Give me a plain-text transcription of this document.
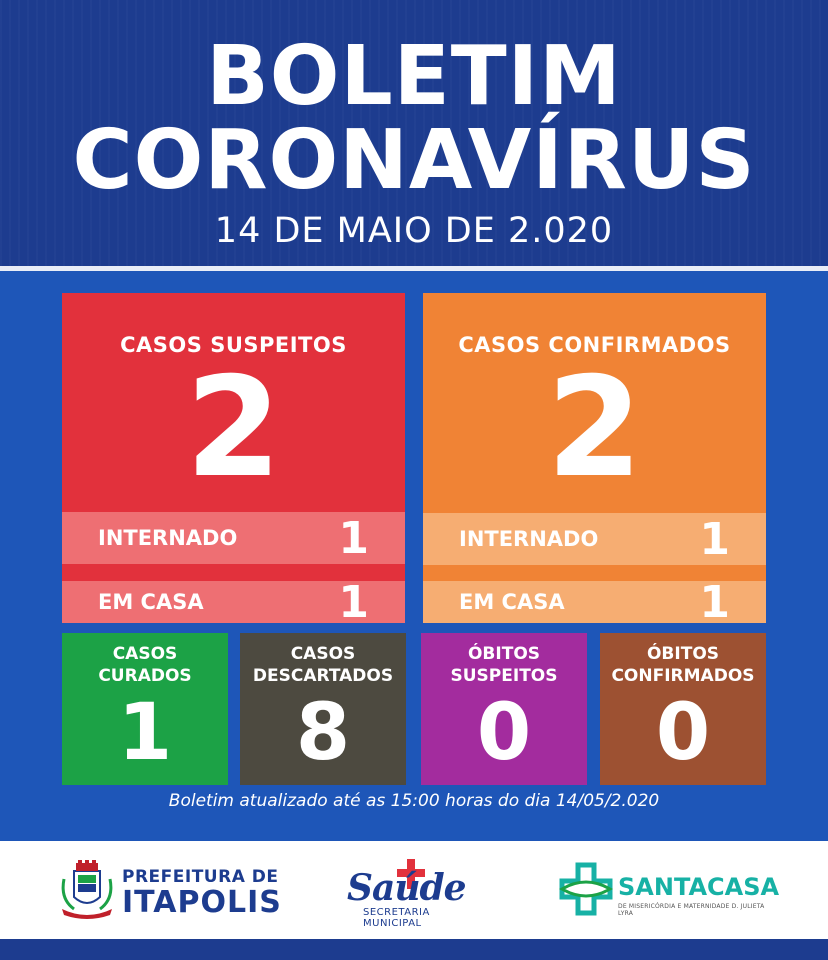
BOLETIM
CORONAVÍRUS
14 DE MAIO DE 2.020
CASOS SUSPEITOS
2
INTERNADO 1
EM CASA	1
CASOS CONFIRMADOS
2
INTERNADO 1
EM CASA	1
CASOS
CURADOS
1
CASOS
DESCARTADOS
8
ÓBITOS
SUSPEITOS
0
ÓBITOS
CONFIRMADOS
0
Boletim atualizado até as 15:00 horas do dia 14/05/2.020
PREFEITURA DE
ITAPOLIS Saúde
SECRETARIA MUNICIPAL
SANTACASA
DE MISERICÓRDIA E MATERNIDADE D. JULIETA LYRA
